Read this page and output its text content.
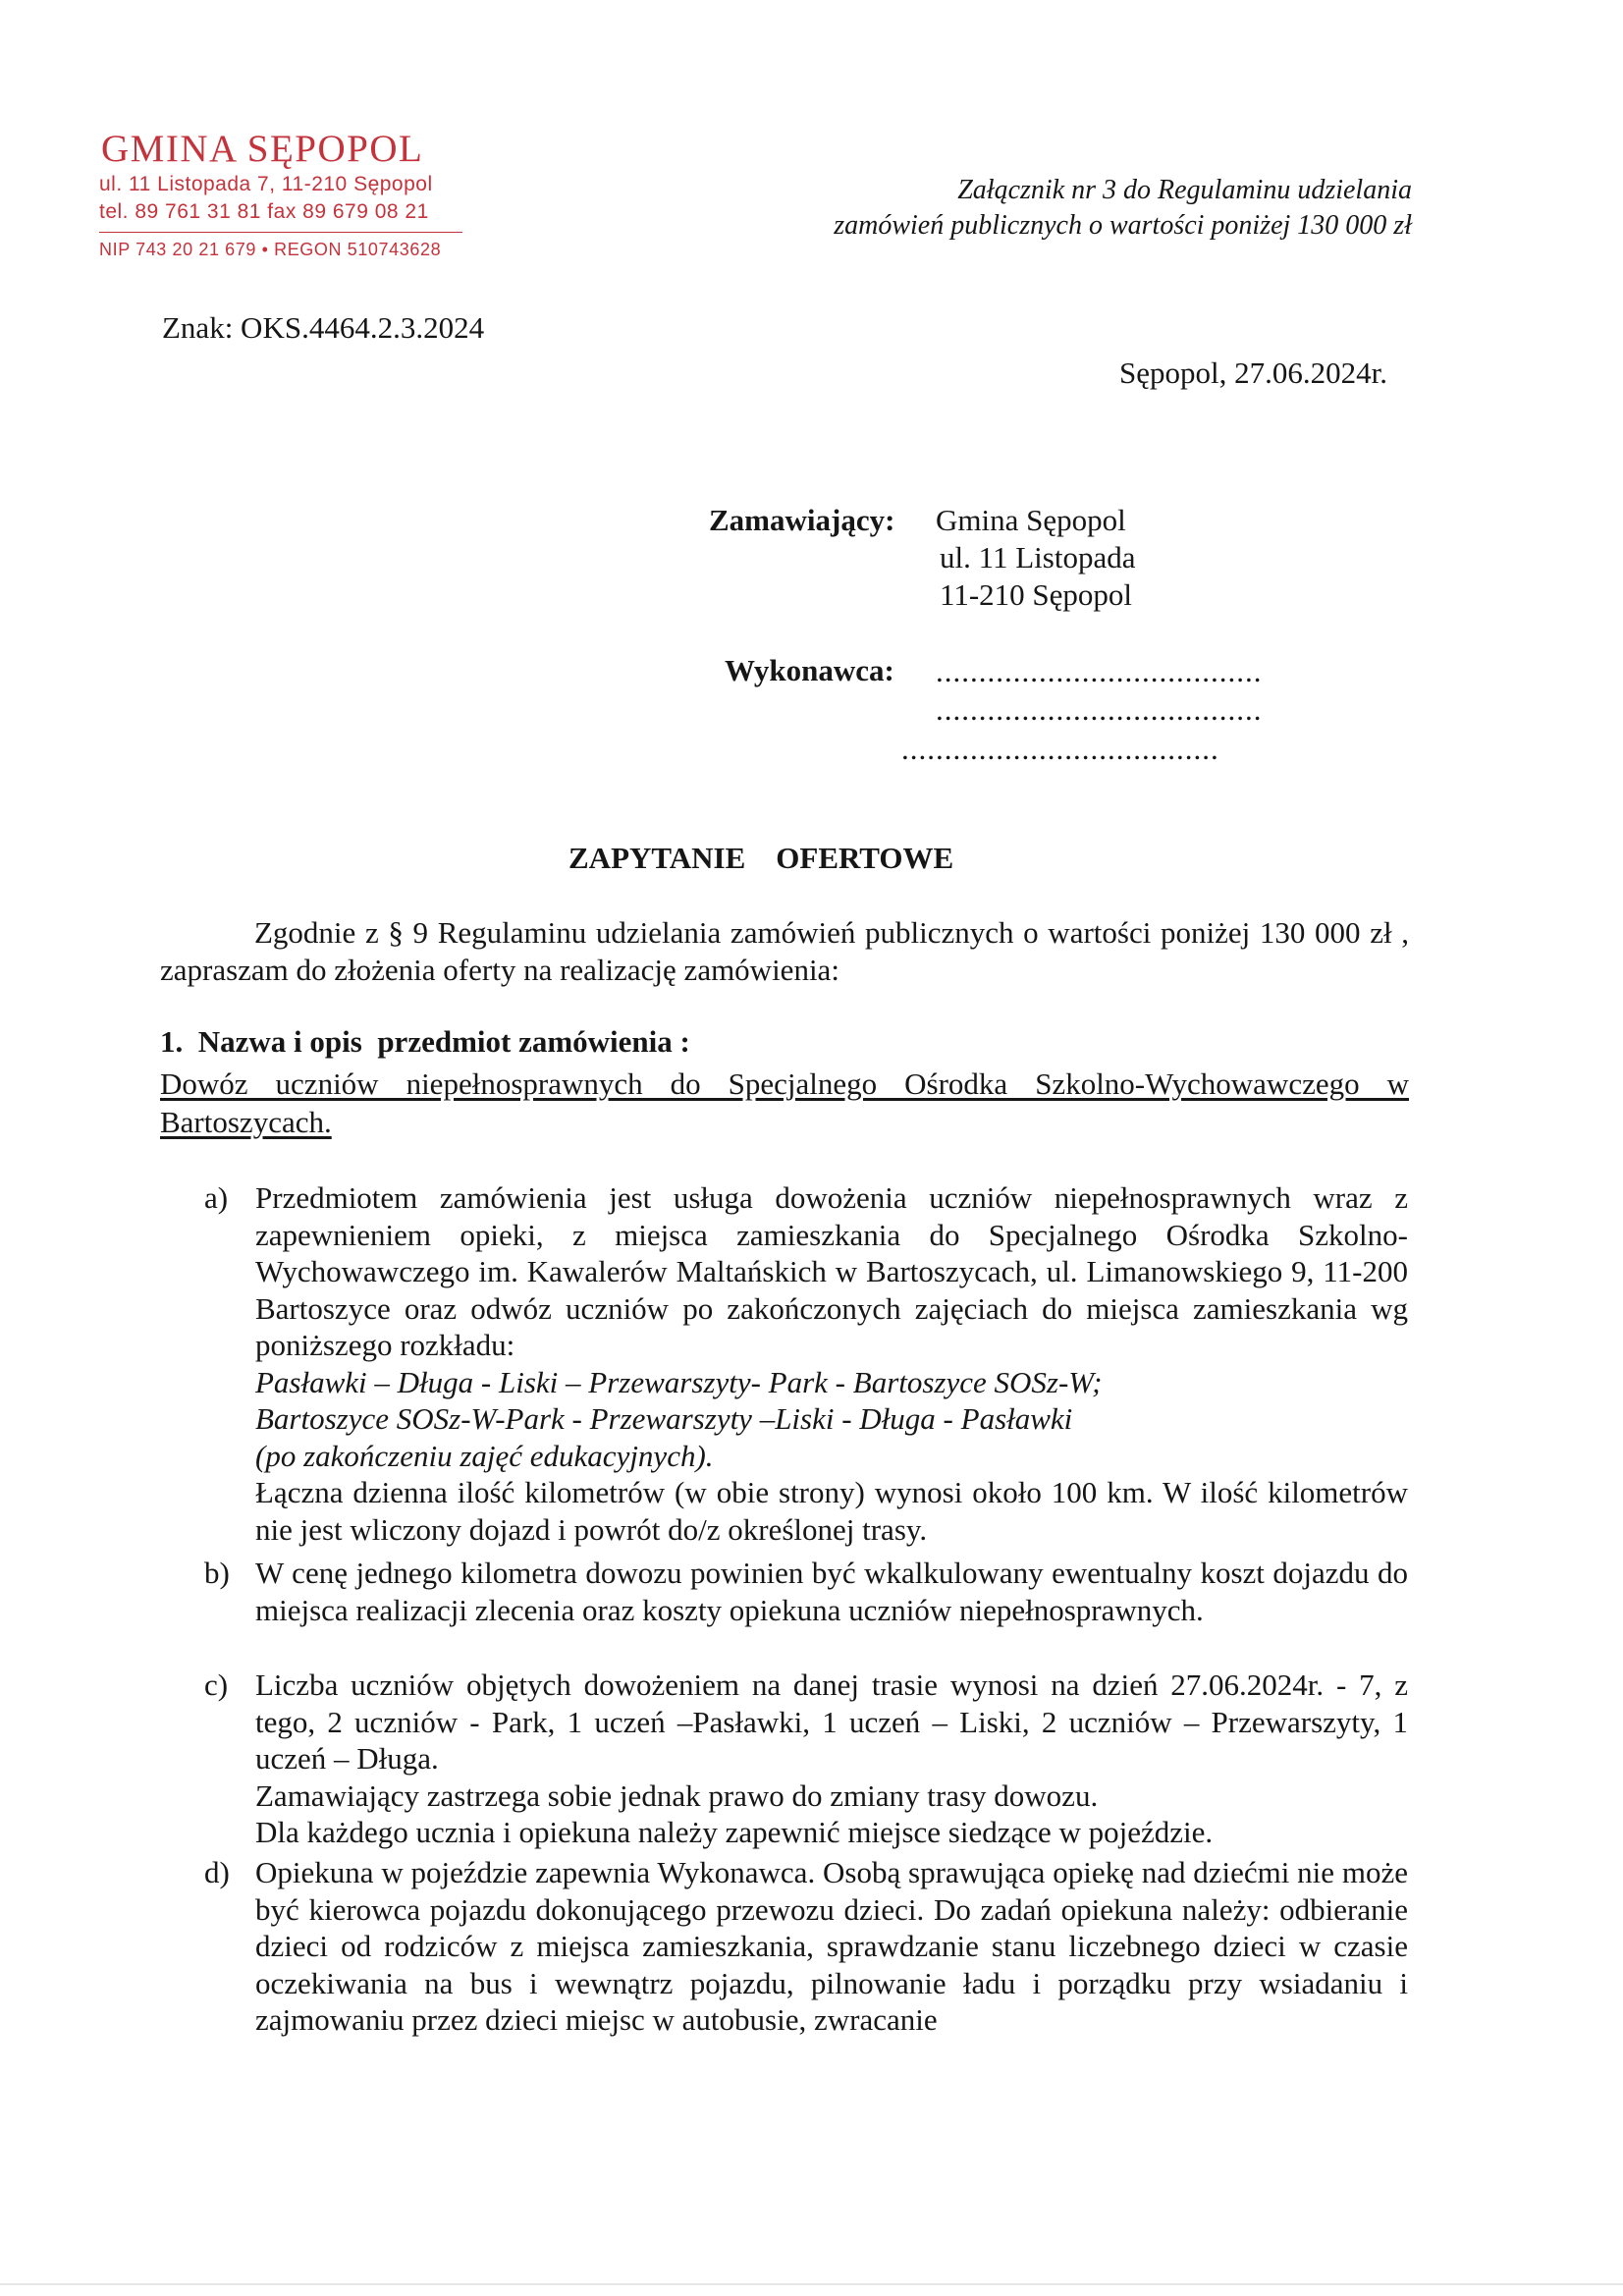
GMINA SĘPOPOL
ul. 11 Listopada 7, 11-210 Sępopol
tel. 89 761 31 81 fax 89 679 08 21
NIP 743 20 21 679 • REGON 510743628
Załącznik nr 3 do Regulaminu udzielania
zamówień publicznych o wartości poniżej 130 000 zł
Znak: OKS.4464.2.3.2024
Sępopol, 27.06.2024r.
Zamawiający: Gmina Sępopol
ul. 11 Listopada
11-210 Sępopol
Wykonawca: ......................................
......................................
.....................................
ZAPYTANIE    OFERTOWE
Zgodnie z § 9 Regulaminu udzielania zamówień publicznych o wartości poniżej 130 000 zł , zapraszam do złożenia oferty na realizację zamówienia:
1.  Nazwa i opis  przedmiot zamówienia :
Dowóz uczniów niepełnosprawnych do Specjalnego Ośrodka Szkolno-Wychowawczego w Bartoszycach.
a) Przedmiotem zamówienia jest usługa dowożenia uczniów niepełnosprawnych wraz z zapewnieniem opieki, z miejsca zamieszkania do Specjalnego Ośrodka Szkolno-Wychowawczego im. Kawalerów Maltańskich w Bartoszycach, ul. Limanowskiego 9, 11-200 Bartoszyce oraz odwóz uczniów po zakończonych zajęciach do miejsca zamieszkania wg poniższego rozkładu:

Pasławki – Długa - Liski – Przewarszyty- Park - Bartoszyce SOSz-W;

Bartoszyce SOSz-W-Park - Przewarszyty –Liski - Długa - Pasławki

(po zakończeniu zajęć edukacyjnych).

Łączna dzienna ilość kilometrów (w obie strony) wynosi około 100 km. W ilość kilometrów nie jest wliczony dojazd i powrót do/z określonej trasy.

b) W cenę jednego kilometra dowozu powinien być wkalkulowany ewentualny koszt dojazdu do miejsca realizacji zlecenia oraz koszty opiekuna uczniów niepełnosprawnych.

c) Liczba uczniów objętych dowożeniem na danej trasie wynosi na dzień 27.06.2024r. - 7, z tego, 2 uczniów - Park, 1 uczeń –Pasławki, 1 uczeń – Liski, 2 uczniów – Przewarszyty, 1 uczeń – Długa.

Zamawiający zastrzega sobie jednak prawo do zmiany trasy dowozu.

Dla każdego ucznia i opiekuna należy zapewnić miejsce siedzące w pojeździe.

d) Opiekuna w pojeździe zapewnia Wykonawca. Osobą sprawująca opiekę nad dziećmi nie może być kierowca pojazdu dokonującego przewozu dzieci. Do zadań opiekuna należy: odbieranie dzieci od rodziców z miejsca zamieszkania, sprawdzanie stanu liczebnego dzieci w czasie oczekiwania na bus i wewnątrz pojazdu, pilnowanie ładu i porządku przy wsiadaniu i zajmowaniu przez dzieci miejsc w autobusie, zwracanie
